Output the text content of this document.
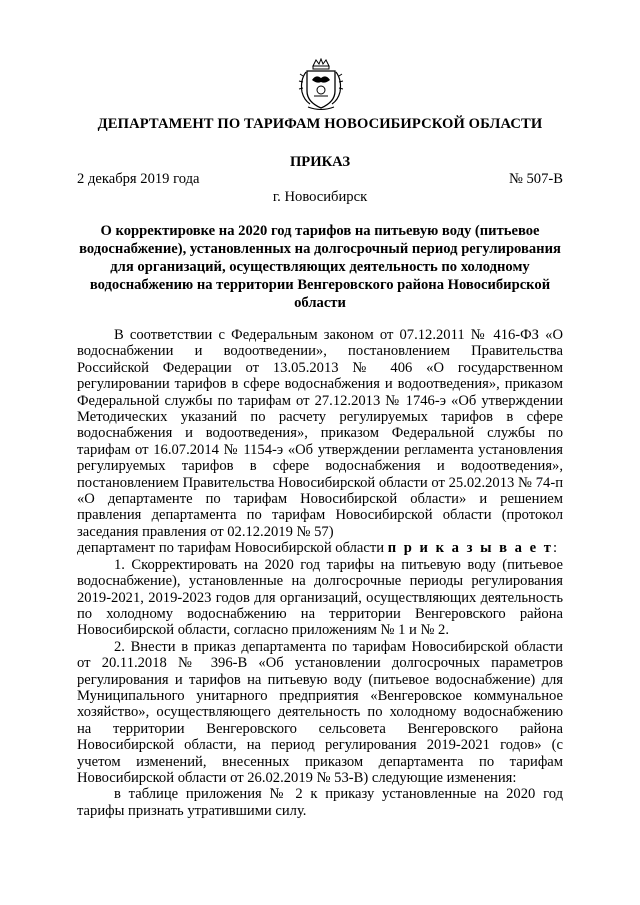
ДЕПАРТАМЕНТ ПО ТАРИФАМ НОВОСИБИРСКОЙ ОБЛАСТИ
ПРИКАЗ
2 декабря 2019 года	№ 507-В
г. Новосибирск
О корректировке на 2020 год тарифов на питьевую воду (питьевое водоснабжение), установленных на долгосрочный период регулирования для организаций, осуществляющих деятельность по холодному водоснабжению на территории Венгеровского района Новосибирской области

В соответствии с Федеральным законом от 07.12.2011 № 416-ФЗ «О водоснабжении и водоотведении», постановлением Правительства Российской Федерации от 13.05.2013 № 406 «О государственном регулировании тарифов в сфере водоснабжения и водоотведения», приказом Федеральной службы по тарифам от 27.12.2013 № 1746-э «Об утверждении Методических указаний по расчету регулируемых тарифов в сфере водоснабжения и водоотведения», приказом Федеральной службы по тарифам от 16.07.2014 № 1154-э «Об утверждении регламента установления регулируемых тарифов в сфере водоснабжения и водоотведения», постановлением Правительства Новосибирской области от 25.02.2013 № 74-п «О департаменте по тарифам Новосибирской области» и решением правления департамента по тарифам Новосибирской области (протокол заседания правления от 02.12.2019 № 57)

департамент по тарифам Новосибирской области п р и к а з ы в а е т:

1. Скорректировать на 2020 год тарифы на питьевую воду (питьевое водоснабжение), установленные на долгосрочные периоды регулирования 2019-2021, 2019-2023 годов для организаций, осуществляющих деятельность по холодному водоснабжению на территории Венгеровского района Новосибирской области, согласно приложениям № 1 и № 2.

2. Внести в приказ департамента по тарифам Новосибирской области от 20.11.2018 № 396-В «Об установлении долгосрочных параметров регулирования и тарифов на питьевую воду (питьевое водоснабжение) для Муниципального унитарного предприятия «Венгеровское коммунальное хозяйство», осуществляющего деятельность по холодному водоснабжению на территории Венгеровского сельсовета Венгеровского района Новосибирской области, на период регулирования 2019-2021 годов» (с учетом изменений, внесенных приказом департамента по тарифам Новосибирской области от 26.02.2019 № 53-В) следующие изменения:

в таблице приложения № 2 к приказу установленные на 2020 год тарифы признать утратившими силу.
